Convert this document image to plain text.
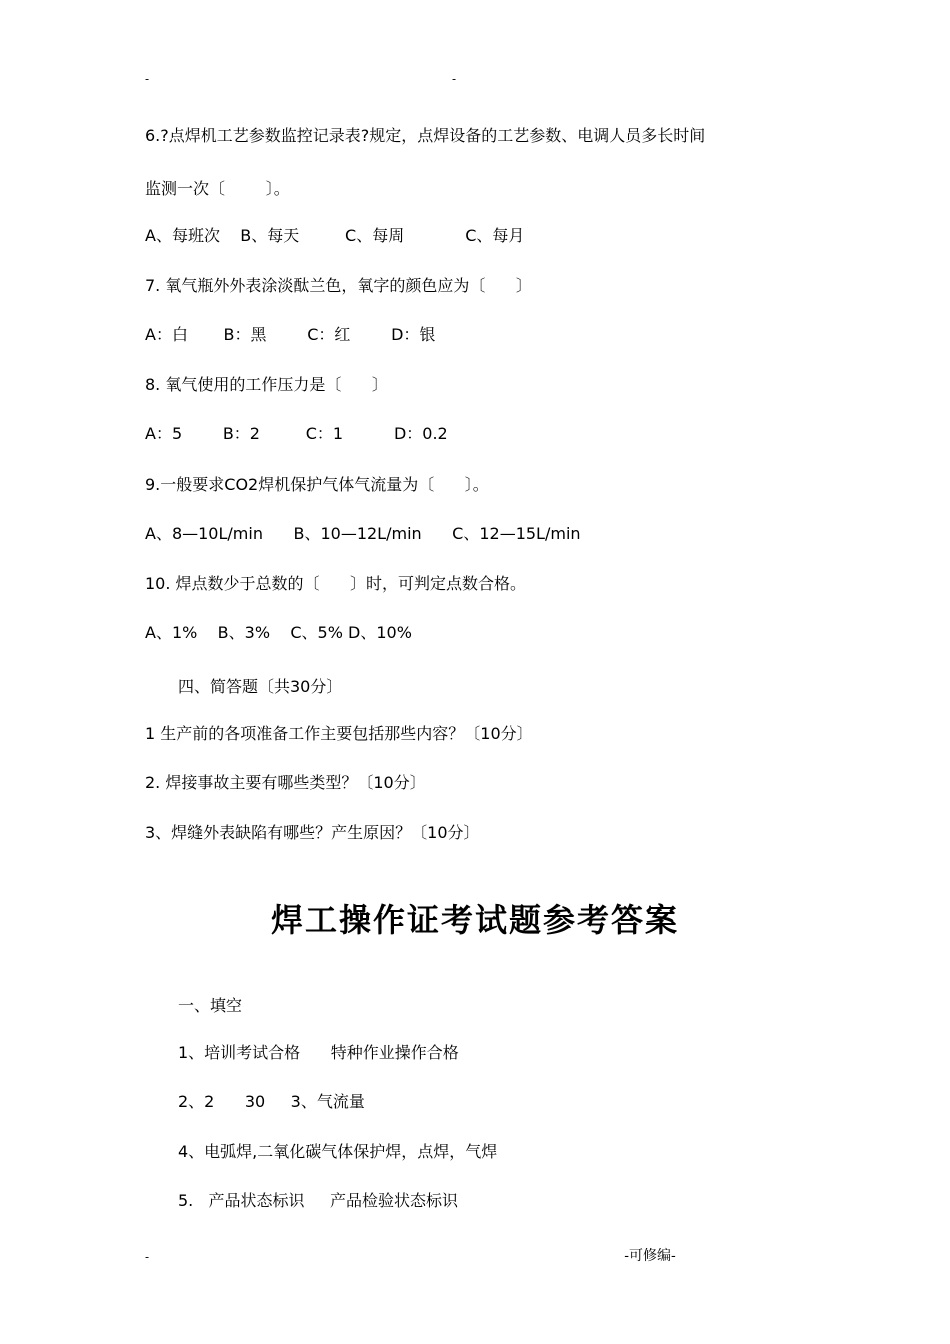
-	-
6.?点焊机工艺参数监控记录表?规定，点焊设备的工艺参数、电调人员多长时间
监测一次〔        〕。
A、每班次    B、每天         C、每周            C、每月
7. 氧气瓶外外表涂淡酞兰色，氧字的颜色应为〔      〕
A：白       B：黑        C：红        D：银
8. 氧气使用的工作压力是〔      〕
A：5        B：2         C：1          D：0.2
9.一般要求CO2焊机保护气体气流量为〔      〕。
A、8—10L/min      B、10—12L/min      C、12—15L/min
10. 焊点数少于总数的〔      〕时，可判定点数合格。
A、1%    B、3%    C、5% D、10%
四、简答题〔共30分〕
1 生产前的各项准备工作主要包括那些内容？〔10分〕
2. 焊接事故主要有哪些类型？〔10分〕
3、焊缝外表缺陷有哪些？产生原因？〔10分〕
焊工操作证考试题参考答案
一、填空
1、培训考试合格      特种作业操作合格
2、2      30     3、气流量
4、电弧焊,二氧化碳气体保护焊，点焊，气焊
5.   产品状态标识     产品检验状态标识
-	-可修编-
